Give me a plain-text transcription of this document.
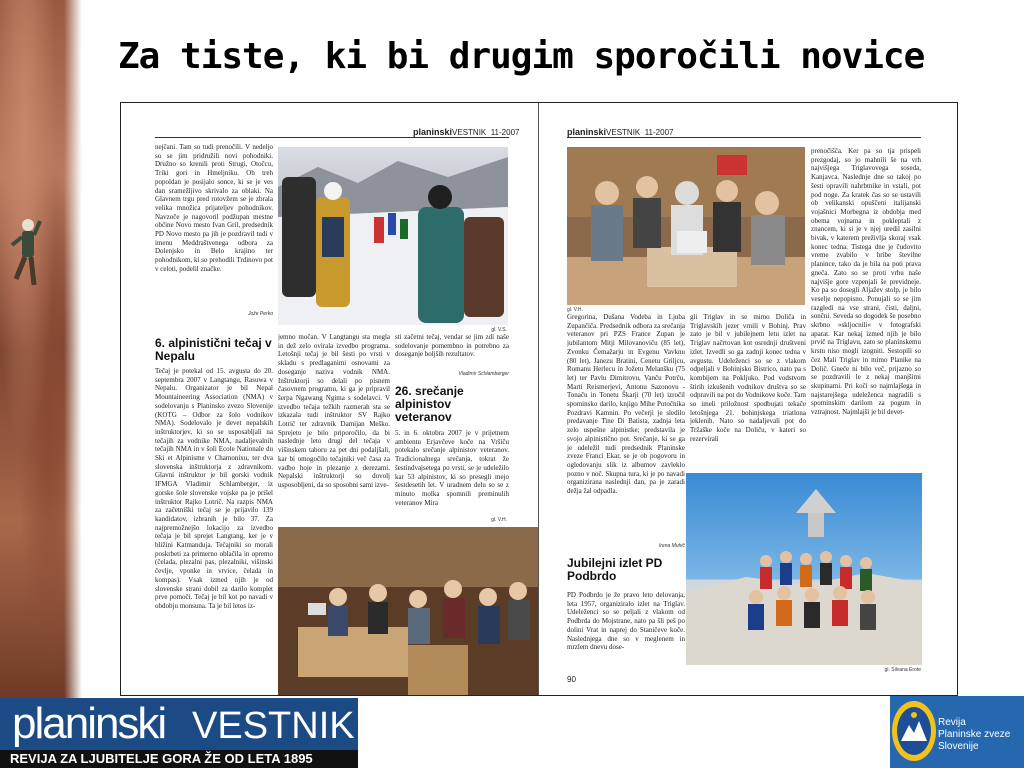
Za tiste, ki bi drugim sporočili novice
planinskiVESTNIK 11-2007
nejčani. Tam so tudi prenočili. V nedeljo so se jim pridružili novi pohodniki. Družno so krenili proti Strugi, Otočcu, Triki gori in Hmeljniku. Ob treh popoldan je posijalo sonce, ki se je ves dan sramežljivo skrivalo za oblaki. Na Glavnem trgu pred rotovžem se je zbrala velika množica prijateljev pohodnikov. Navzoče je nagovoril podžupan mestne občine Novo mesto Ivan Gril, predsednik PD Novo mesto pa jih je pozdravil tudi v imenu Meddraštvenega odbora za Dolenjsko in Belo krajino ter pohodnikom, ki so prehodili Trdinovo pot v celoti, podelil značke.
Jože Perko
gl. V.S.
6. alpinistični tečaj v Nepalu
Tečaj je potekal od 15. avgusta do 20. septembra 2007 v Langtangu, Rasuwa v Nepalu. Organizator je bil Nepal Mountaineering Association (NMA) v sodelovanju s Planinsko zvezo Slovenije (KOTG – Odbor za šolo vodnikov NMA). Sodelovalo je devet nepalskih inštruktorjev, ki so se usposabljali na tečajih za vodnike NMA, nadaljevalnih tečajih NMA in v šoli Ecole Nationale du Ski et Alpinisme v Chamonixu, ter dva slovenska inštruktorja z zdravnikom. Glavni inštruktor je bil gorski vodnik IFMGA Vladimir Schlamberger, iz gorske šole slovenske vojske pa je prišel inštruktor Rajko Lotrič. Na razpis NMA za začetniški tečaj se je prijavilo 139 kandidatov, izbranih je bilo 37. Za najpremožnejšo lokacijo za izvedbo tečaja je bil sprejet Langtang, ker je v bližini Katmanduja. Tečajniki so morali poskrbeti za primerno oblačila in opremo (čelada, plezalni pas, plezalniki, višinski čevlje, vponke in vrvice, čelada in kompas). Vsak izmed njih je od slovenske strani dobil za darilo komplet prve pomoči. Tečaj je bil kot po navadi v obdobju monsuna. Ta je bil letos iz-
jemno močan. V Langtangu sta megla in dež zelo ovirala izvedbo programa. Letošnji tečaj je bil šesti po vrsti v skladu s predlaganimi osnovami za doseganje naziva vodnik NMA. Inštruktorji so delali po pisnem časovnem programu, ki ga je pripravil šerpa Ngawang Ngima s sodelavci. V izvedbo tečaja težkih razmerah sta se izkazala tudi inštruktor SV Rajko Lotrič ter zdravnik Damijan Meško. Sprejeto je bilo priporočilo, da bi naslednje leto drugi del tečaja v višinskem taboru za pet dni podaljšali, kar bi omogočilo tečajniki več časa za vadbo hoje in plezanje z derezami. Nepalski inštruktorji so dovolj usposobljeni, da so sposobni sami izve-
sti začetni tečaj, vendar se jim zdi naše sodelovanje pomembno in potrebno za doseganje boljših rezultatov.
Vladimir Schlamberger
26. srečanje alpinistov veteranov
5. in 6. oktobra 2007 je v prijetnem ambientu Erjavčeve koče na Vršiču potekalo srečanje alpinistov veteranov. Tradicionalnega srečanja, tokrat že šestindvajsetega po vrsti, se je udeležilo kar 53 alpinistov, ki so presegli mejo šestdesetih let. V uradnem delu so se z minuto molka spomnili preminulih veteranov Mira
gl. V.H.
planinskiVESTNIK 11-2007
gl. V.H.
Gregorina, Dušana Vodeba in Ljuba Zupančiča. Predsednik odbora za srečanja veteranov pri PZS France Zupan je jubilantom Mitji Milovanoviču (85 let), Zvonku Čemažarju in Evgenu Vavknu (80 let), Janezu Bratini, Cenetu Griljcu, Romanu Herlecu in Jožetu Melanšku (75 let) ter Pavlu Dimitrovu, Vanču Potrču, Marti Reismerjevi, Antonu Sazonovu - Tonaču in Tonetu Škarji (70 let) izročil spominsko darilo, knjigo Mihe Potočnika Pozdravi Kamnin. Po večerji je sledilo predavanje Tine Di Batista, zadnja leta zelo uspešne alpinistke; predstavila je svojo alpinistično pot. Srečanje, ki se ga je udeležil tudi predsednik Planinske zveze Franci Ekar, se je ob pogovoru in ogledovanju slik iz albumov zavleklo pozno v noč. Skupna tura, ki je po navadi organizirana naslednji dan, pa je zaradi dežja žal odpadla.
Irena Muhič
Jubilejni izlet PD Podbrdo
PD Podbrdo je že pravo leto delovanja, leta 1957, organiziralo izlet na Triglav. Udeleženci so se peljali z vlakom od Podbrda do Mojstrane, nato pa šli peš po dolini Vrat in naprej do Staničeve koče. Naslednjega dne so v meglenem in mrzlem dnevu dose-
90
gli Triglav in se mimo Doliča in Triglavskih jezer vrnili v Bohinj. Prav zato je bil v jubilejnem letu izlet na Triglav načrtovan kot osrednji društveni izlet. Izvedli so ga zadnji konec tedna v avgustu. Udeleženci so se z vlakom odpeljali v Bohinjsko Bistrico, nato pa s kombijem na Pokljuko. Pod vodstvom štirih izkušenih vodnikov društva so se odpravili na pot do Vodnikove koče. Tam so imeli priložnost spodbujati tekače letošnjega 21. bohinjskega triatlona jeklenih. Nato so nadaljevali pot do Tržaške koče na Doliču, v kateri so rezervirali
prenočišča. Ker pa so tja prispeli prezgodaj, so jo mahnili še na vrh najvišjega Triglavovega soseda, Kanjavca. Naslednje dne so takoj po šesti opravili nahrbtnike in vstali, pot pod noge. Za kratek čas so se ustavili ob velikanski opuščeni italijanski vojašnici Morbegna iz obdobja med obema vojnama in pokleptali z znancem, ki si je v njej uredil zasilni bivak, v katerem preživlja skoraj vsak konec tedna. Tistega dne je čudovito vreme zvabilo v hribe številne planince, tako da je bila na poti prava gneča. Zato so se proti vrhu naše najvišje gore vzpenjali še previdneje. Ko pa so dosegli Aljažev stolp, je bilo veselje nepopisno. Ponujali so se jim razgledi na vse strani, čisti, daljni, sončni. Seveda so dogodek še posebno skrbno »skljocnili« v fotografski aparat. Kar nekaj izmed njih je bilo prvič na Triglavu, zato se planinskemu krstu niso mogli izogniti. Sestopili so čez Mali Triglav in mimo Planike na Dolič. Gneče ni bilo več, prijazno so se pozdravili le z nekaj manjšimi skupinami. Pri koči so najmlajšega in najstarejšega udeleženca nagradili s spominskim darilom za pogum in vztrajnost. Najmlajši je bil devet-
gl. Silvana Erote
planinski VESTNIK
REVIJA ZA LJUBITELJE GORA ŽE OD LETA 1895
Revija
Planinske zveze
Slovenije
